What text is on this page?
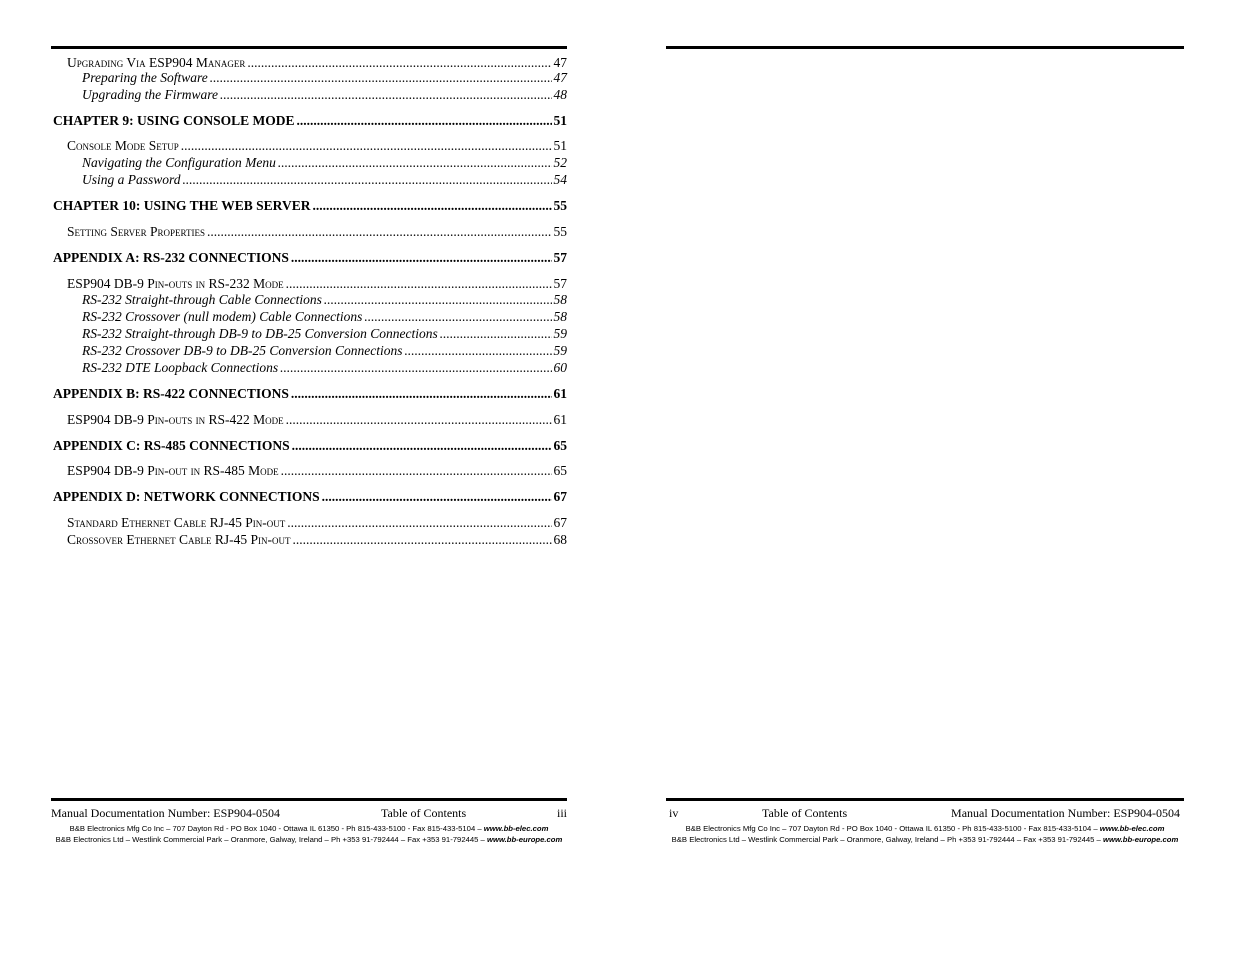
Upgrading Via ESP904 Manager .....	47
Preparing the Software .....	47
Upgrading the Firmware .....	48
CHAPTER 9: USING CONSOLE MODE .....	51
Console Mode Setup .....	51
Navigating the Configuration Menu .....	52
Using a Password .....	54
CHAPTER 10: USING THE WEB SERVER .....	55
Setting Server Properties .....	55
APPENDIX A: RS-232 CONNECTIONS .....	57
ESP904 DB-9 Pin-outs in RS-232 Mode .....	57
RS-232 Straight-through Cable Connections .....	58
RS-232 Crossover (null modem) Cable Connections .....	58
RS-232 Straight-through DB-9 to DB-25 Conversion Connections .....	59
RS-232 Crossover DB-9 to DB-25 Conversion Connections .....	59
RS-232 DTE Loopback Connections .....	60
APPENDIX B: RS-422 CONNECTIONS .....	61
ESP904 DB-9 Pin-outs in RS-422 Mode .....	61
APPENDIX C: RS-485 CONNECTIONS .....	65
ESP904 DB-9 Pin-out in RS-485 Mode .....	65
APPENDIX D: NETWORK CONNECTIONS .....	67
Standard Ethernet Cable RJ-45 Pin-out .....	67
Crossover Ethernet Cable RJ-45 Pin-out .....	68
Manual Documentation Number: ESP904-0504	Table of Contents	iii
B&B Electronics Mfg Co Inc – 707 Dayton Rd - PO Box 1040 - Ottawa IL 61350 - Ph 815-433-5100 - Fax 815-433-5104 – www.bb-elec.com
B&B Electronics Ltd – Westlink Commercial Park – Oranmore, Galway, Ireland – Ph +353 91-792444 – Fax +353 91-792445 – www.bb-europe.com
iv	Table of Contents	Manual Documentation Number: ESP904-0504
B&B Electronics Mfg Co Inc – 707 Dayton Rd - PO Box 1040 - Ottawa IL 61350 - Ph 815-433-5100 - Fax 815-433-5104 – www.bb-elec.com
B&B Electronics Ltd – Westlink Commercial Park – Oranmore, Galway, Ireland – Ph +353 91-792444 – Fax +353 91-792445 – www.bb-europe.com
